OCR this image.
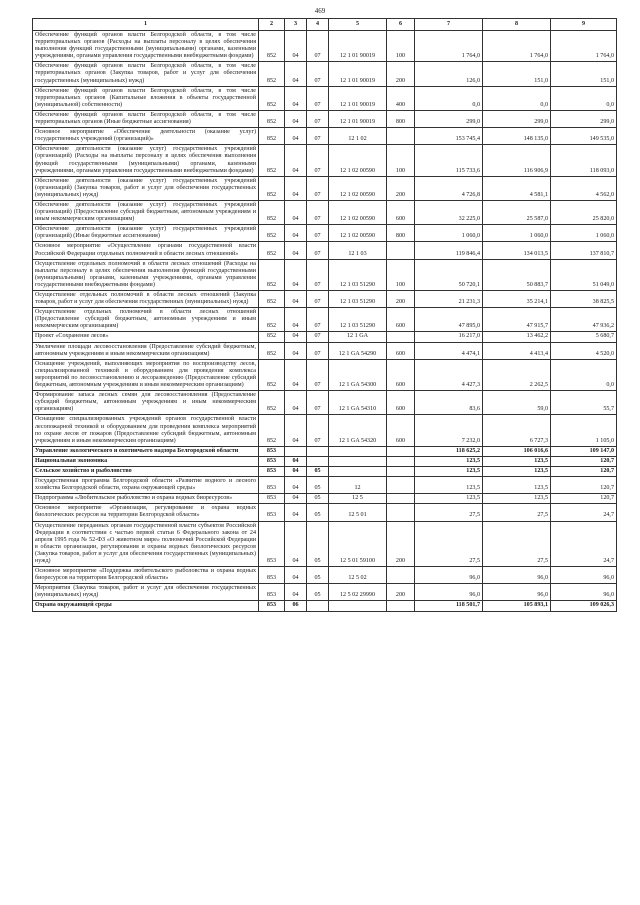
469
1	2	3	4	5	6	7	8	9
Обеспечение функций органов власти Белгородской области, в том числе территориальных органов (Расходы на выплаты персоналу в целях обеспечения выполнения функций государственными (муниципальными) органами, казенными учреждениями, органами управления государственными внебюджетными фондами)	852	04	07	12 1 01 90019	100	1 764,0	1 764,0	1 764,0
Обеспечение функций органов власти Белгородской области, в том числе территориальных органов (Закупка товаров, работ и услуг для обеспечения государственных (муниципальных) нужд)	852	04	07	12 1 01 90019	200	126,0	151,0	151,0
Обеспечение функций органов власти Белгородской области, в том числе территориальных органов (Капитальные вложения в объекты государственной (муниципальной) собственности)	852	04	07	12 1 01 90019	400	0,0	0,0	0,0
Обеспечение функций органов власти Белгородской области, в том числе территориальных органов (Иные бюджетные ассигнования)	852	04	07	12 1 01 90019	800	299,0	299,0	299,0
Основное мероприятие «Обеспечение деятельности (оказание услуг) государственных учреждений (организаций)»	852	04	07	12 1 02		153 745,4	148 135,0	149 535,0
Обеспечение деятельности (оказание услуг) государственных учреждений (организаций) (Расходы на выплаты персоналу в целях обеспечения выполнения функций государственными (муниципальными) органами, казенными учреждениями, органами управления государственными внебюджетными фондами)	852	04	07	12 1 02 00590	100	115 733,6	116 906,9	118 093,0
Обеспечение деятельности (оказание услуг) государственных учреждений (организаций) (Закупка товаров, работ и услуг для обеспечения государственных (муниципальных) нужд)	852	04	07	12 1 02 00590	200	4 726,8	4 581,1	4 562,0
Обеспечение деятельности (оказание услуг) государственных учреждений (организаций) (Предоставление субсидий бюджетным, автономным учреждениям и иным некоммерческим организациям)	852	04	07	12 1 02 00590	600	32 225,0	25 587,0	25 820,0
Обеспечение деятельности (оказание услуг) государственных учреждений (организаций) (Иные бюджетные ассигнования)	852	04	07	12 1 02 00590	800	1 060,0	1 060,0	1 060,0
Основное мероприятие «Осуществление органами государственной власти Российской Федерации отдельных полномочий в области лесных отношений»	852	04	07	12 1 03		119 846,4	134 013,5	137 810,7
Осуществление отдельных полномочий в области лесных отношений (Расходы на выплаты персоналу в целях обеспечения выполнения функций государственными (муниципальными) органами, казенными учреждениями, органами управления государственными внебюджетными фондами)	852	04	07	12 1 03 51290	100	50 720,1	50 883,7	51 049,0
Осуществление отдельных полномочий в области лесных отношений (Закупка товаров, работ и услуг для обеспечения государственных (муниципальных) нужд)	852	04	07	12 1 03 51290	200	21 231,3	35 214,1	38 825,5
Осуществление отдельных полномочий в области лесных отношений (Предоставление субсидий бюджетным, автономным учреждениям и иным некоммерческим организациям)	852	04	07	12 1 03 51290	600	47 895,0	47 915,7	47 936,2
Проект «Сохранение лесов»	852	04	07	12 1 GA		16 217,0	13 462,2	5 680,7
Увеличение площади лесовосстановления (Предоставление субсидий бюджетным, автономным учреждениям и иным некоммерческим организациям)	852	04	07	12 1 GA 54290	600	4 474,1	4 413,4	4 520,0
Оснащение учреждений, выполняющих мероприятия по воспроизводству лесов, специализированной техникой и оборудованием для проведения комплекса мероприятий по лесовосстановлению и лесоразведению (Предоставление субсидий бюджетным, автономным учреждениям и иным некоммерческим организациям)	852	04	07	12 1 GA 54300	600	4 427,3	2 262,5	0,0
Формирование запаса лесных семян для лесовосстановления (Предоставление субсидий бюджетным, автономным учреждениям и иным некоммерческим организациям)	852	04	07	12 1 GA 54310	600	83,6	59,0	55,7
Оснащение специализированных учреждений органов государственной власти лесопожарной техникой и оборудованием для проведения комплекса мероприятий по охране лесов от пожаров (Предоставление субсидий бюджетным, автономным учреждениям и иным некоммерческим организациям)	852	04	07	12 1 GA 54320	600	7 232,0	6 727,3	1 105,0
Управление экологического и охотничьего надзора Белгородской области	853					118 625,2	106 016,6	109 147,0
Национальная экономика	853	04				123,5	123,5	120,7
Сельское хозяйство и рыболовство	853	04	05			123,5	123,5	120,7
Государственная программа Белгородской области «Развитие водного и лесного хозяйства Белгородской области, охрана окружающей среды»	853	04	05	12		123,5	123,5	120,7
Подпрограмма «Любительское рыболовство и охрана водных биоресурсов»	853	04	05	12 5		123,5	123,5	120,7
Основное мероприятие «Организация, регулирование и охрана водных биологических ресурсов на территории Белгородской области»	853	04	05	12 5 01		27,5	27,5	24,7
Осуществление переданных органам государственной власти субъектов Российской Федерации в соответствии с частью первой статьи 6 Федерального закона от 24 апреля 1995 года № 52-ФЗ «О животном мире» полномочий Российской Федерации в области организации, регулирования и охраны водных биологических ресурсов (Закупка товаров, работ и услуг для обеспечения государственных (муниципальных) нужд)	853	04	05	12 5 01 59100	200	27,5	27,5	24,7
Основное мероприятие «Поддержка любительского рыболовства и охрана водных биоресурсов на территории Белгородской области»	853	04	05	12 5 02		96,0	96,0	96,0
Мероприятия (Закупка товаров, работ и услуг для обеспечения государственных (муниципальных) нужд)	853	04	05	12 5 02 29990	200	96,0	96,0	96,0
Охрана окружающей среды	853	06				118 501,7	105 893,1	109 026,3
